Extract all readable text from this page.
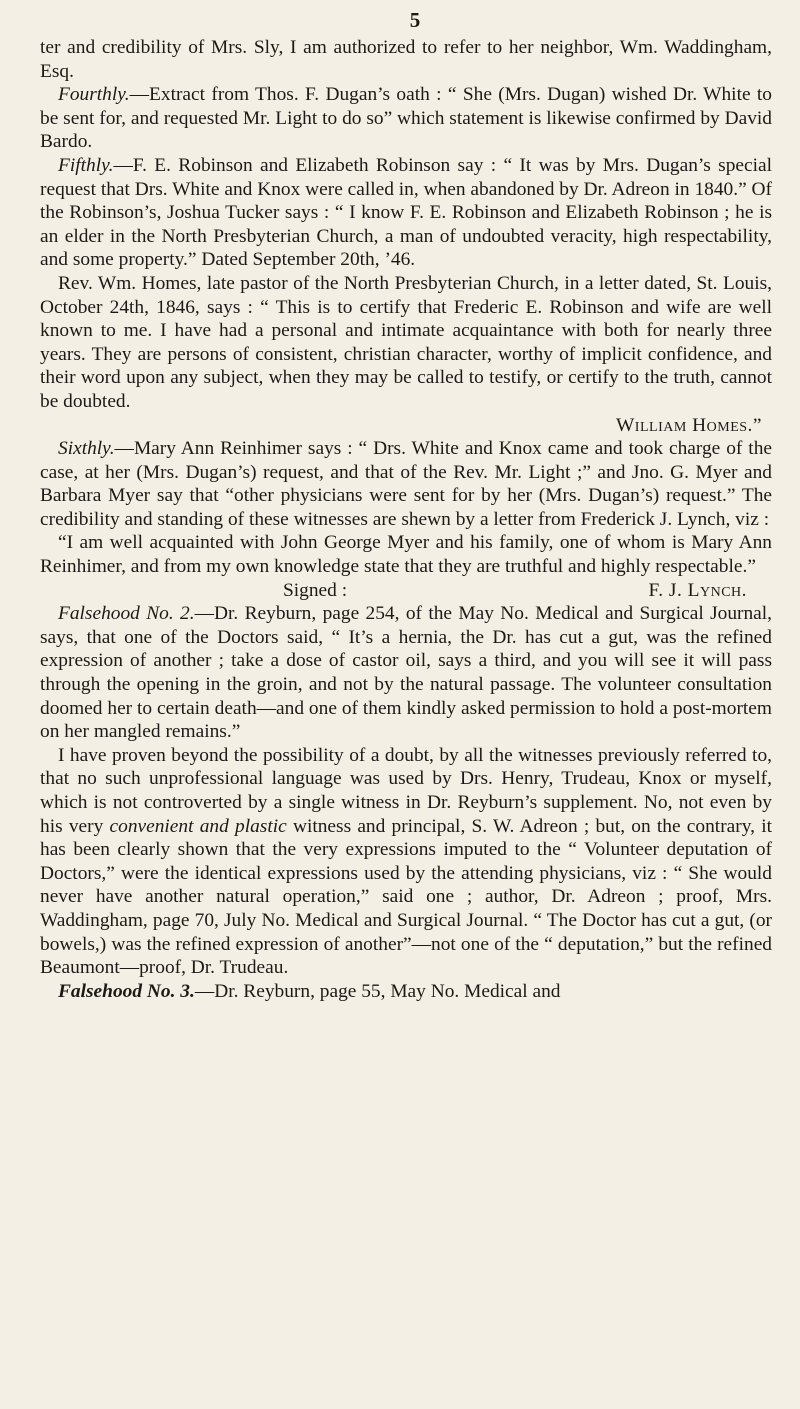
5

ter and credibility of Mrs. Sly, I am authorized to refer to her neighbor, Wm. Waddingham, Esq.

Fourthly.—Extract from Thos. F. Dugan’s oath : “ She (Mrs. Dugan) wished Dr. White to be sent for, and requested Mr. Light to do so” which statement is likewise confirmed by David Bardo.

Fifthly.—F. E. Robinson and Elizabeth Robinson say : “ It was by Mrs. Dugan’s special request that Drs. White and Knox were called in, when abandoned by Dr. Adreon in 1840.” Of the Robinson’s, Joshua Tucker says : “ I know F. E. Robinson and Elizabeth Robinson ; he is an elder in the North Presbyterian Church, a man of undoubted veracity, high respectability, and some property.” Dated September 20th, ’46.

Rev. Wm. Homes, late pastor of the North Presbyterian Church, in a letter dated, St. Louis, October 24th, 1846, says : “ This is to certify that Frederic E. Robinson and wife are well known to me. I have had a personal and intimate acquaintance with both for nearly three years. They are persons of consistent, christian character, worthy of implicit confidence, and their word upon any subject, when they may be called to testify, or certify to the truth, cannot be doubted.

William Homes.”

Sixthly.—Mary Ann Reinhimer says : “ Drs. White and Knox came and took charge of the case, at her (Mrs. Dugan’s) request, and that of the Rev. Mr. Light ;” and Jno. G. Myer and Barbara Myer say that “other physicians were sent for by her (Mrs. Dugan’s) request.” The credibility and standing of these witnesses are shewn by a letter from Frederick J. Lynch, viz :

“I am well acquainted with John George Myer and his family, one of whom is Mary Ann Reinhimer, and from my own knowledge state that they are truthful and highly respectable.”

Signed :	F. J. Lynch.

Falsehood No. 2.—Dr. Reyburn, page 254, of the May No. Medical and Surgical Journal, says, that one of the Doctors said, “ It’s a hernia, the Dr. has cut a gut, was the refined expression of another ; take a dose of castor oil, says a third, and you will see it will pass through the opening in the groin, and not by the natural passage. The volunteer consultation doomed her to certain death—and one of them kindly asked permission to hold a post-mortem on her mangled remains.”

I have proven beyond the possibility of a doubt, by all the witnesses previously referred to, that no such unprofessional language was used by Drs. Henry, Trudeau, Knox or myself, which is not controverted by a single witness in Dr. Reyburn’s supplement. No, not even by his very convenient and plastic witness and principal, S. W. Adreon ; but, on the contrary, it has been clearly shown that the very expressions imputed to the “ Volunteer deputation of Doctors,” were the identical expressions used by the attending physicians, viz : “ She would never have another natural operation,” said one ; author, Dr. Adreon ; proof, Mrs. Waddingham, page 70, July No. Medical and Surgical Journal. “ The Doctor has cut a gut, (or bowels,) was the refined expression of another”—not one of the “ deputation,” but the refined Beaumont—proof, Dr. Trudeau.

Falsehood No. 3.—Dr. Reyburn, page 55, May No. Medical and
